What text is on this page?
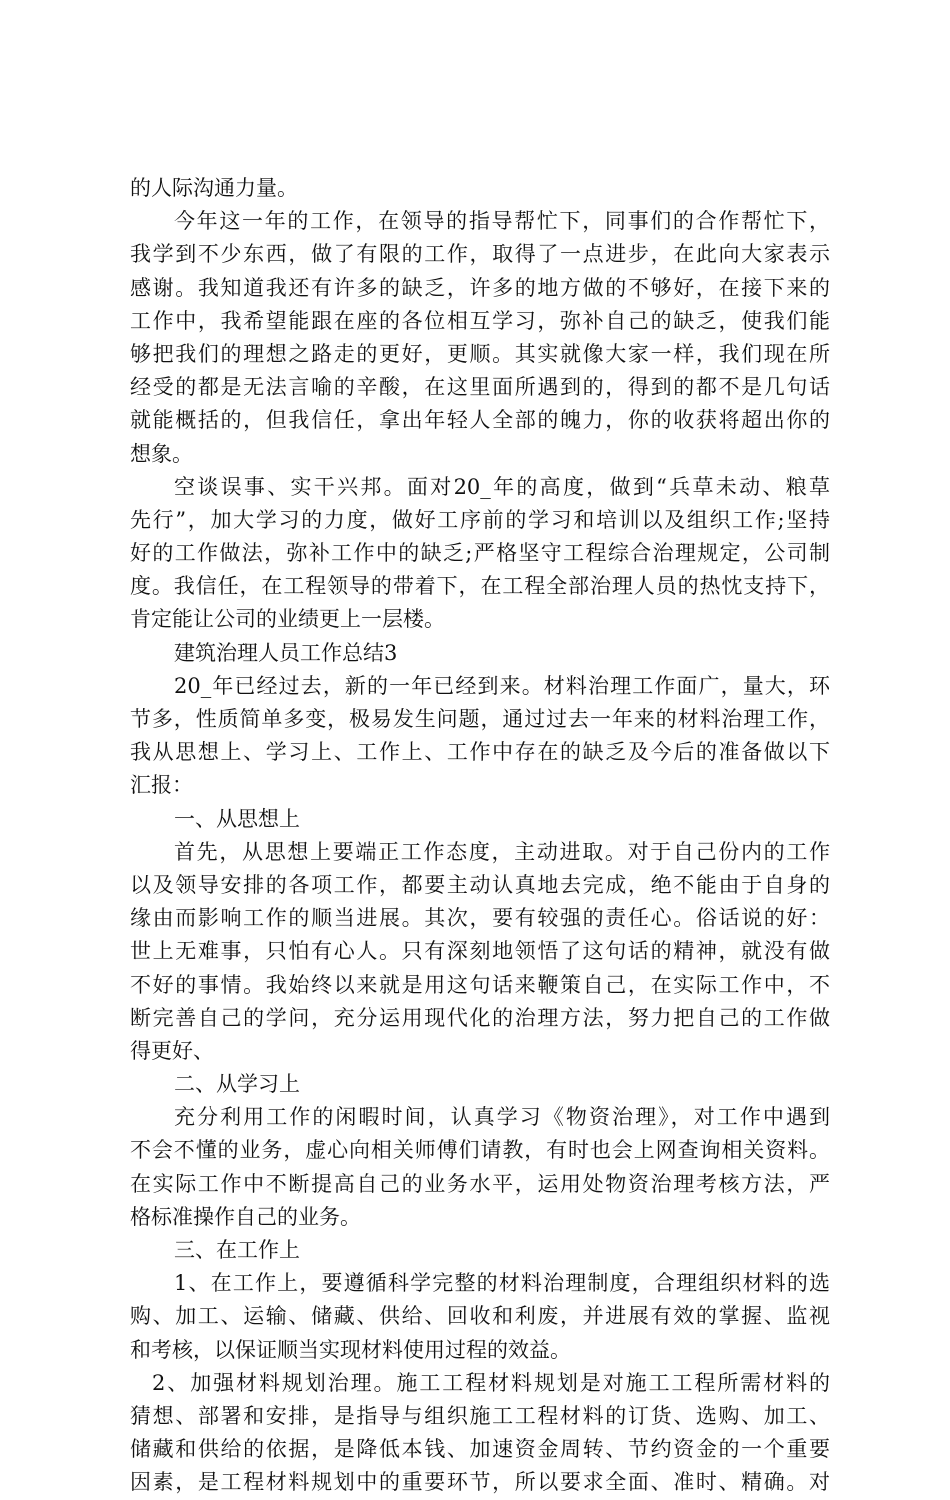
的人际沟通力量。
今年这一年的工作，在领导的指导帮忙下，同事们的合作帮忙下，
我学到不少东西，做了有限的工作，取得了一点进步，在此向大家表示
感谢。我知道我还有许多的缺乏，许多的地方做的不够好，在接下来的
工作中，我希望能跟在座的各位相互学习，弥补自己的缺乏，使我们能
够把我们的理想之路走的更好，更顺。其实就像大家一样，我们现在所
经受的都是无法言喻的辛酸，在这里面所遇到的，得到的都不是几句话
就能概括的，但我信任，拿出年轻人全部的魄力，你的收获将超出你的
想象。
空谈误事、实干兴邦。面对20_年的高度，做到“兵草未动、粮草
先行”，加大学习的力度，做好工序前的学习和培训以及组织工作;坚持
好的工作做法，弥补工作中的缺乏;严格坚守工程综合治理规定，公司制
度。我信任，在工程领导的带着下，在工程全部治理人员的热忱支持下，
肯定能让公司的业绩更上一层楼。
建筑治理人员工作总结3
20_年已经过去，新的一年已经到来。材料治理工作面广，量大，环
节多，性质简单多变，极易发生问题，通过过去一年来的材料治理工作，
我从思想上、学习上、工作上、工作中存在的缺乏及今后的准备做以下
汇报：
一、从思想上
首先，从思想上要端正工作态度，主动进取。对于自己份内的工作
以及领导安排的各项工作，都要主动认真地去完成，绝不能由于自身的
缘由而影响工作的顺当进展。其次，要有较强的责任心。俗话说的好：
世上无难事，只怕有心人。只有深刻地领悟了这句话的精神，就没有做
不好的事情。我始终以来就是用这句话来鞭策自己，在实际工作中，不
断完善自己的学问，充分运用现代化的治理方法，努力把自己的工作做
得更好、
二、从学习上
充分利用工作的闲暇时间，认真学习《物资治理》，对工作中遇到
不会不懂的业务，虚心向相关师傅们请教，有时也会上网查询相关资料。
在实际工作中不断提高自己的业务水平，运用处物资治理考核方法，严
格标准操作自己的业务。
三、在工作上
1、在工作上，要遵循科学完整的材料治理制度，合理组织材料的选
购、加工、运输、储藏、供给、回收和利废，并进展有效的掌握、监视
和考核，以保证顺当实现材料使用过程的效益。
2、加强材料规划治理。施工工程材料规划是对施工工程所需材料的
猜想、部署和安排，是指导与组织施工工程材料的订货、选购、加工、
储藏和供给的依据，是降低本钱、加速资金周转、节约资金的一个重要
因素，是工程材料规划中的重要环节，所以要求全面、准时、精确。对
